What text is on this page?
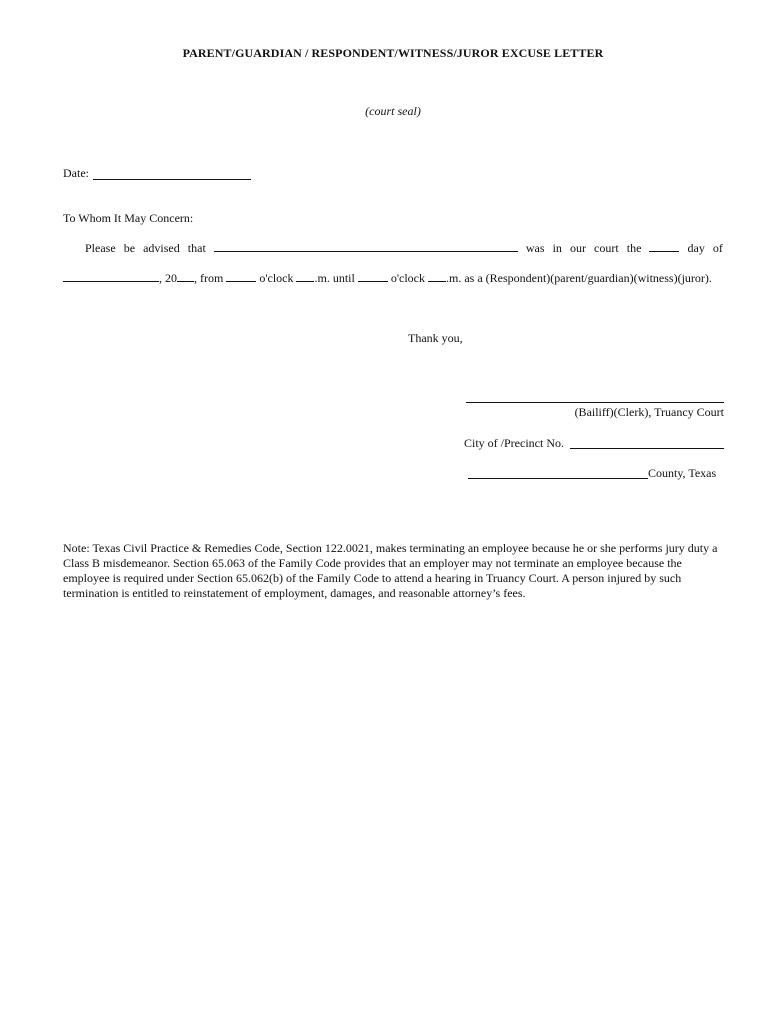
PARENT/GUARDIAN / RESPONDENT/WITNESS/JUROR EXCUSE LETTER
(court seal)
Date:
To Whom It May Concern:
Please be advised that	was in our court the	day of
, 20 , from	o'clock .m. until	o'clock .m. as a (Respondent)(parent/guardian)(witness)(juror).
Thank you,
(Bailiff)(Clerk), Truancy Court
City of /Precinct No.
County, Texas
Note: Texas Civil Practice & Remedies Code, Section 122.0021, makes terminating an employee because he or she performs jury duty a Class B misdemeanor. Section 65.063 of the Family Code provides that an employer may not terminate an employee because the employee is required under Section 65.062(b) of the Family Code to attend a hearing in Truancy Court. A person injured by such termination is entitled to reinstatement of employment, damages, and reasonable attorney’s fees.
